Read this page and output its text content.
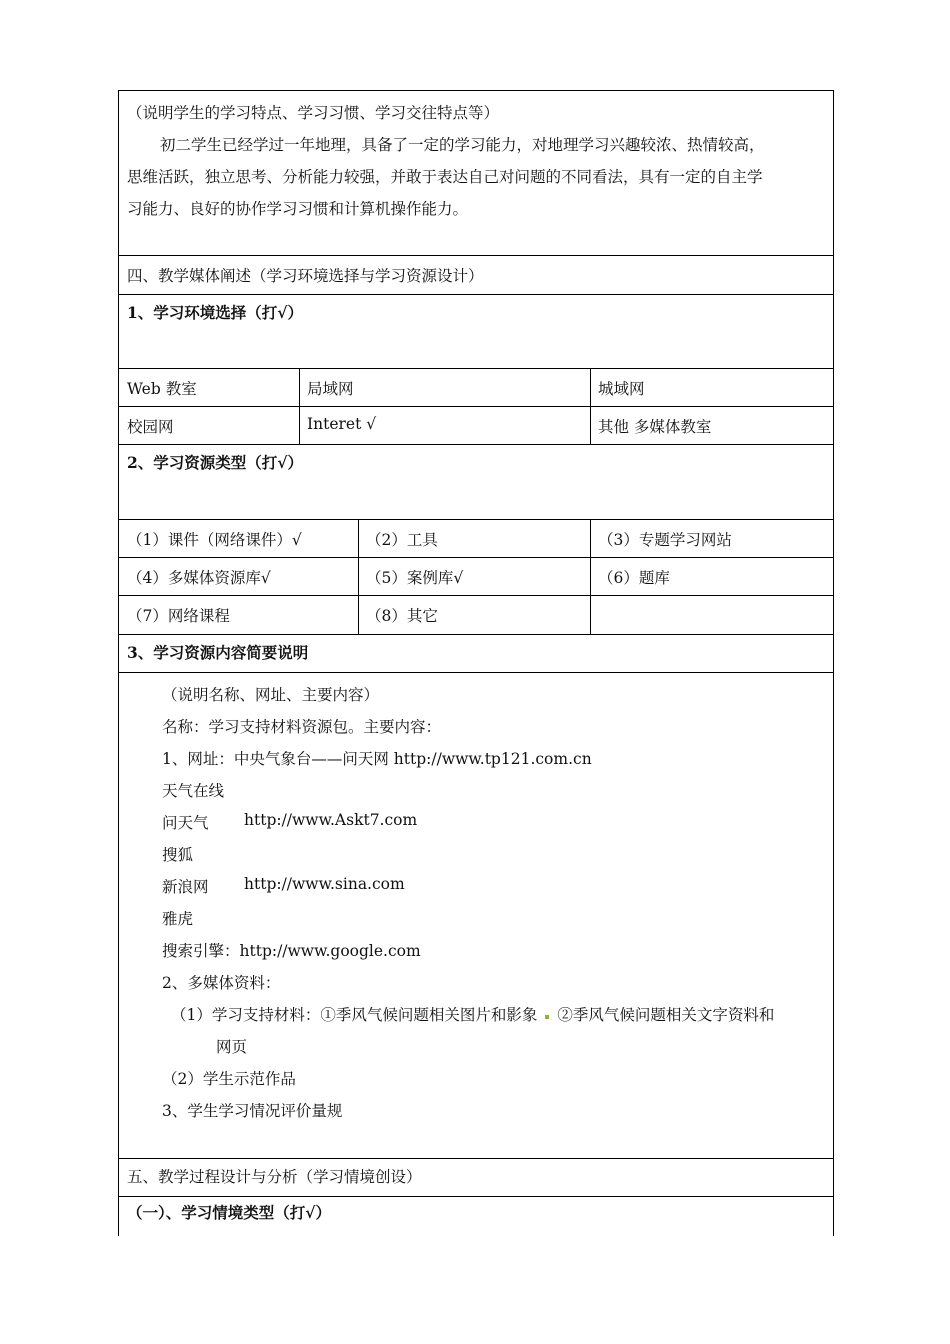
（说明学生的学习特点、学习习惯、学习交往特点等）
初二学生已经学过一年地理，具备了一定的学习能力，对地理学习兴趣较浓、热情较高，
思维活跃，独立思考、分析能力较强，并敢于表达自己对问题的不同看法，具有一定的自主学
习能力、良好的协作学习习惯和计算机操作能力。
四、教学媒体阐述（学习环境选择与学习资源设计）
1、学习环境选择（打√）
Web 教室	局域网	城域网
校园网	Interet √	其他 多媒体教室
2、学习资源类型（打√）
（1）课件（网络课件）√	（2）工具	（3）专题学习网站
（4）多媒体资源库√	（5）案例库√	（6）题库
（7）网络课程	（8）其它
3、学习资源内容简要说明
（说明名称、网址、主要内容）
名称：学习支持材料资源包。主要内容：
1、网址：中央气象台——问天网 http://www.tp121.com.cn
天气在线
问天气 http://www.Askt7.com
搜狐
新浪网 http://www.sina.com
雅虎
搜索引擎：http://www.google.com
2、多媒体资料：
（1）学习支持材料：①季风气候问题相关图片和影象 ②季风气候问题相关文字资料和
网页
（2）学生示范作品
3、学生学习情况评价量规
五、教学过程设计与分析（学习情境创设）
（一）、学习情境类型（打√）
